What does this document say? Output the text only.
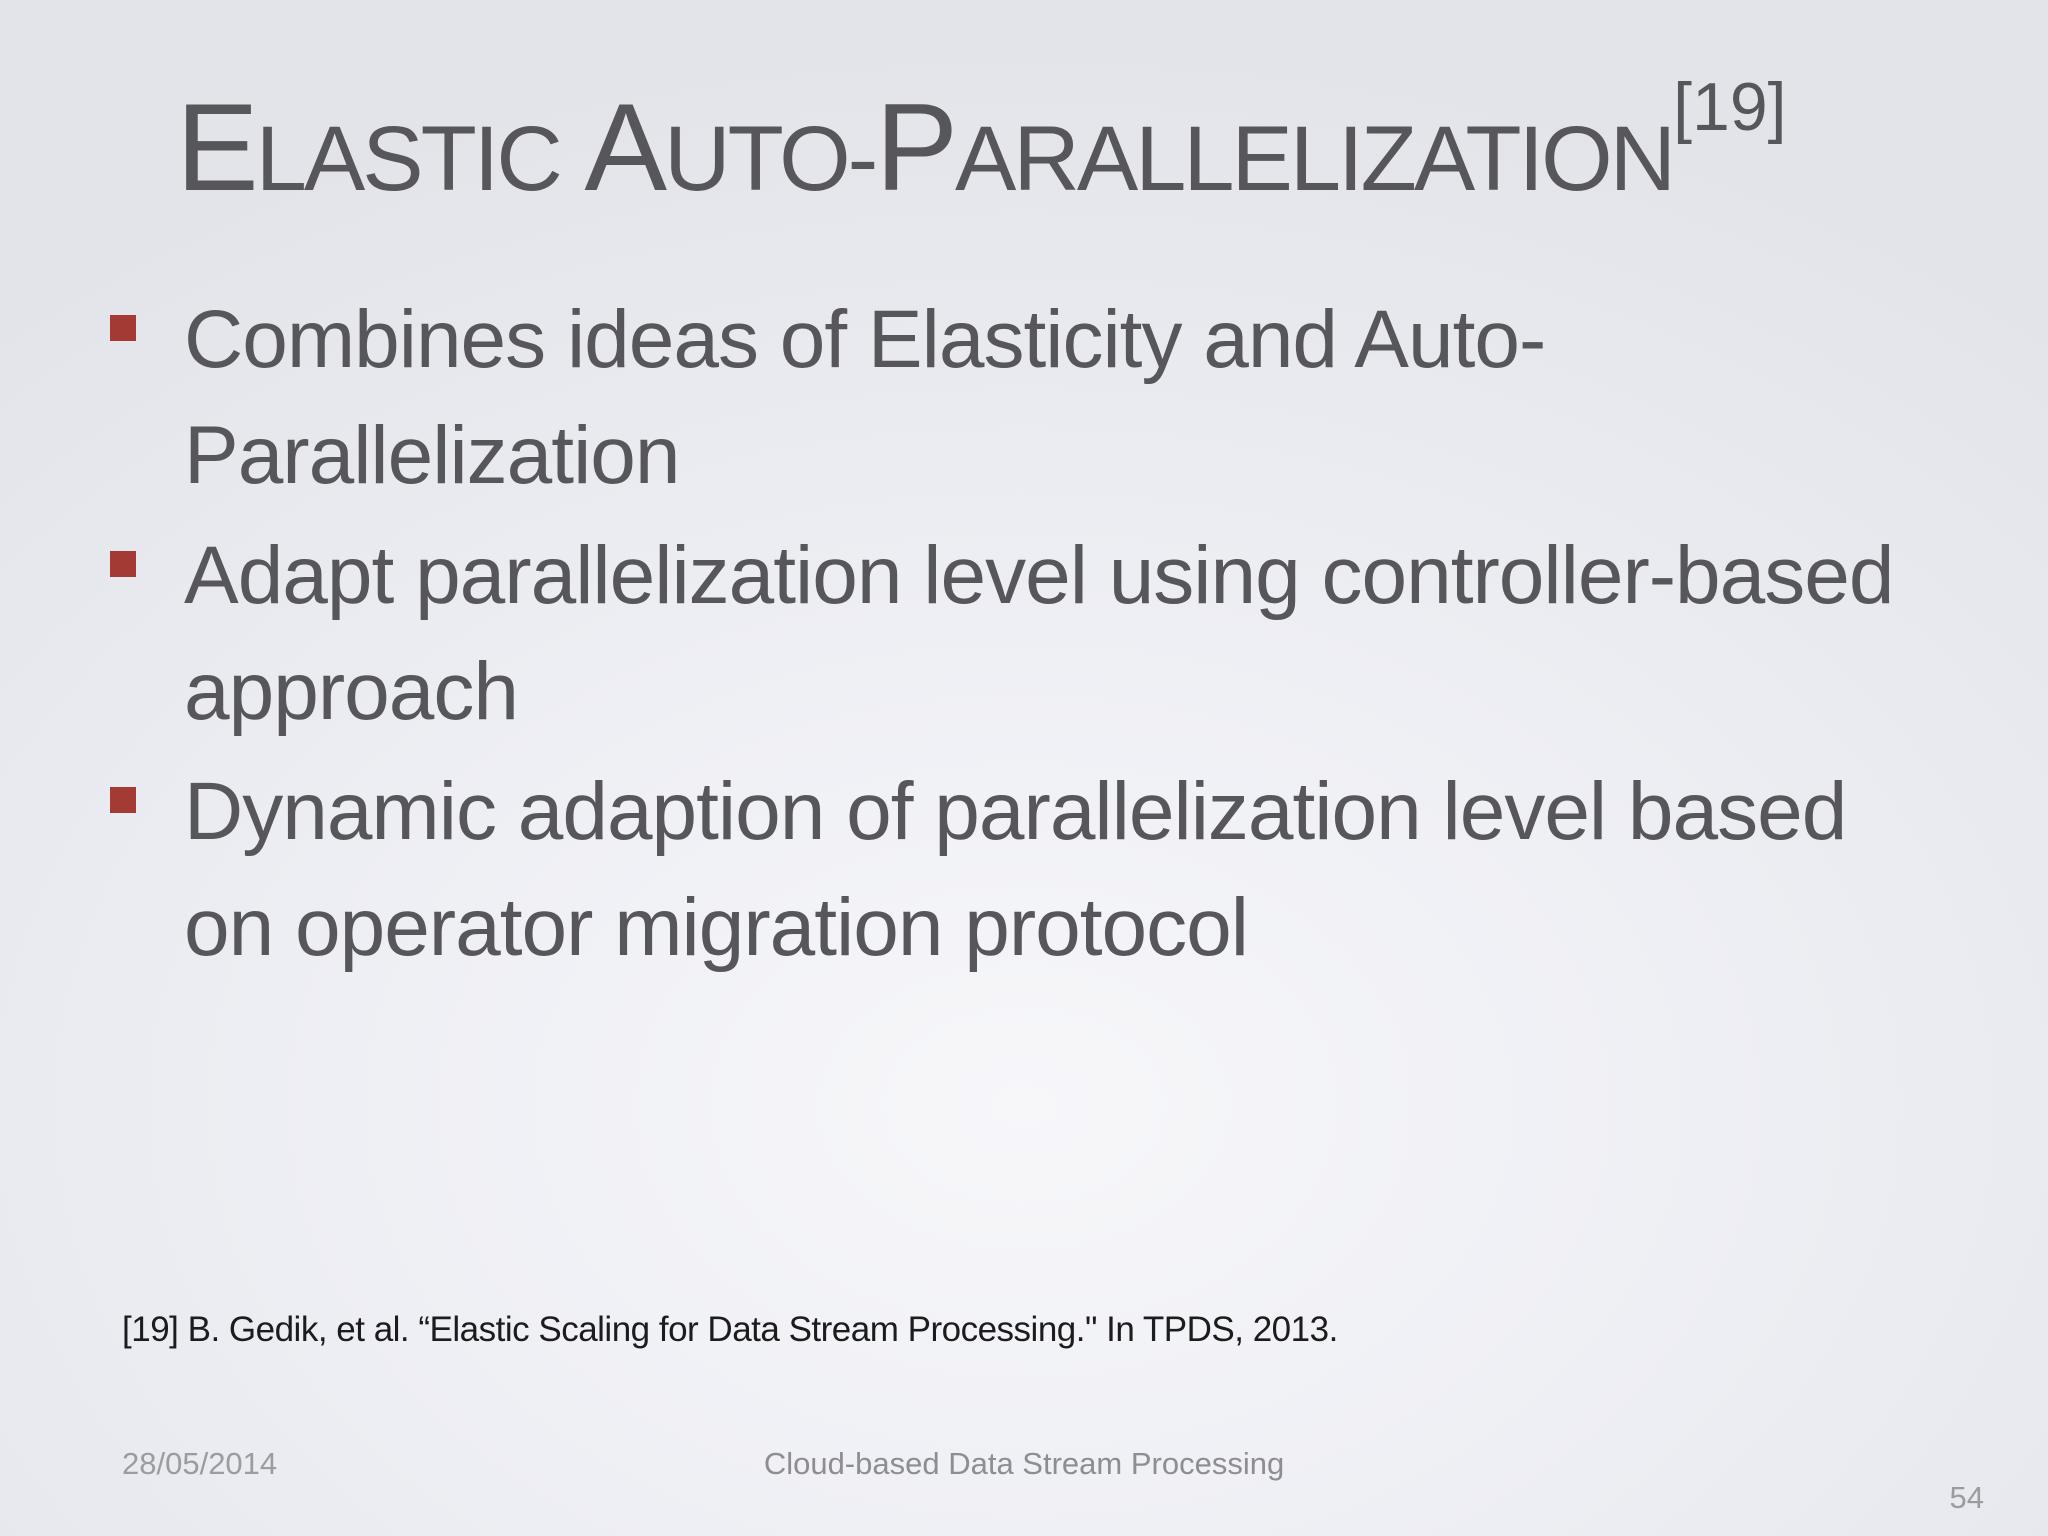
ELASTIC AUTO-PARALLELIZATION[19]
Combines ideas of Elasticity and Auto-Parallelization
Adapt parallelization level using controller-based approach
Dynamic adaption of parallelization level based on operator migration protocol
[19] B. Gedik, et al. “Elastic Scaling for Data Stream Processing." In TPDS, 2013.
28/05/2014	Cloud-based Data Stream Processing
54
